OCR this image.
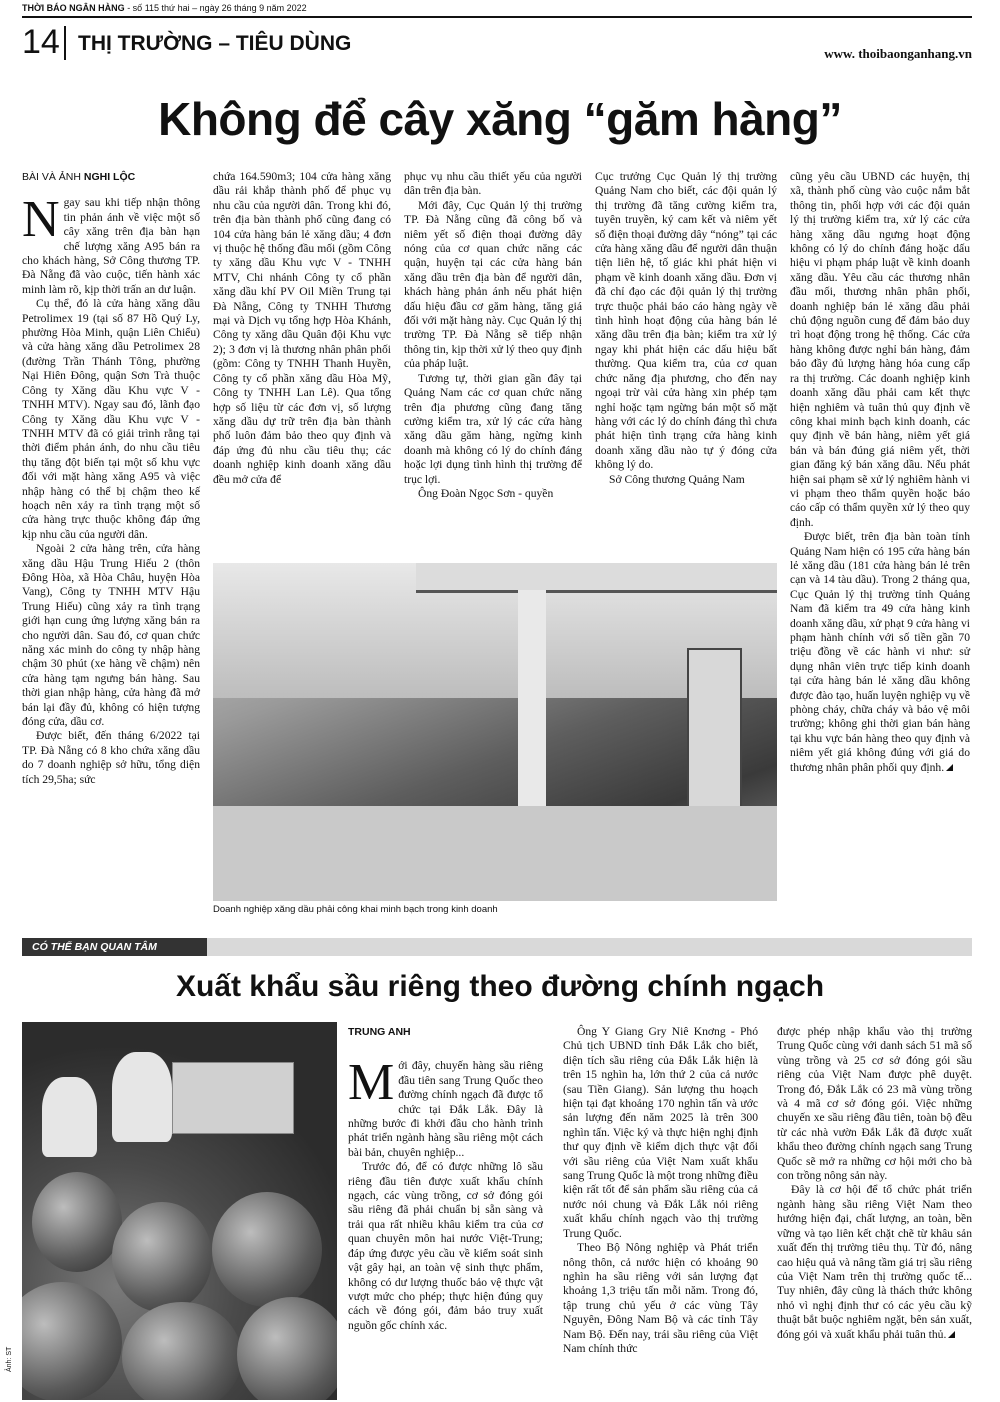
THỜI BÁO NGÂN HÀNG - số 115 thứ hai – ngày 26 tháng 9 năm 2022
14 THỊ TRƯỜNG – TIÊU DÙNG	www. thoibaonganhang.vn
Không để cây xăng “găm hàng”
BÀI VÀ ẢNH NGHI LỘC

Ngay sau khi tiếp nhận thông tin phản ánh về việc một số cây xăng trên địa bàn hạn chế lượng xăng A95 bán ra cho khách hàng, Sở Công thương TP. Đà Nẵng đã vào cuộc, tiến hành xác minh làm rõ, kịp thời trấn an dư luận.

Cụ thể, đó là cửa hàng xăng dầu Petrolimex 19 (tại số 87 Hồ Quý Ly, phường Hòa Minh, quận Liên Chiểu) và cửa hàng xăng dầu Petrolimex 28 (đường Trần Thánh Tông, phường Nại Hiên Đông, quận Sơn Trà thuộc Công ty Xăng dầu Khu vực V - TNHH MTV). Ngay sau đó, lãnh đạo Công ty Xăng dầu Khu vực V - TNHH MTV đã có giải trình rằng tại thời điểm phản ánh, do nhu cầu tiêu thụ tăng đột biến tại một số khu vực đối với mặt hàng xăng A95 và việc nhập hàng có thể bị chậm theo kế hoạch nên xảy ra tình trạng một số cửa hàng trực thuộc không đáp ứng kịp nhu cầu của người dân.

Ngoài 2 cửa hàng trên, cửa hàng xăng dầu Hậu Trung Hiếu 2 (thôn Đông Hòa, xã Hòa Châu, huyện Hòa Vang), Công ty TNHH MTV Hậu Trung Hiếu) cũng xảy ra tình trạng giới hạn cung ứng lượng xăng bán ra cho người dân. Sau đó, cơ quan chức năng xác minh do công ty nhập hàng chậm 30 phút (xe hàng về chậm) nên cửa hàng tạm ngưng bán hàng. Sau thời gian nhập hàng, cửa hàng đã mở bán lại đầy đủ, không có hiện tượng đóng cửa, dầu cơ.

Được biết, đến tháng 6/2022 tại TP. Đà Nẵng có 8 kho chứa xăng dầu do 7 doanh nghiệp sở hữu, tổng diện tích 29,5ha; sức

chứa 164.590m3; 104 cửa hàng xăng dầu rải khắp thành phố để phục vụ nhu cầu của người dân. Trong khi đó, trên địa bàn thành phố cũng đang có 104 cửa hàng bán lẻ xăng dầu; 4 đơn vị thuộc hệ thống đầu mối (gồm Công ty xăng dầu Khu vực V - TNHH MTV, Chi nhánh Công ty cổ phần xăng dầu khí PV Oil Miền Trung tại Đà Nẵng, Công ty TNHH Thương mại và Dịch vụ tổng hợp Hòa Khánh, Công ty xăng dầu Quân đội Khu vực 2); 3 đơn vị là thương nhân phân phối (gồm: Công ty TNHH Thanh Huyền, Công ty cổ phần xăng dầu Hòa Mỹ, Công ty TNHH Lan Lê). Qua tổng hợp số liệu từ các đơn vị, số lượng xăng dầu dự trữ trên địa bàn thành phố luôn đảm bảo theo quy định và đáp ứng đủ nhu cầu tiêu thụ; các doanh nghiệp kinh doanh xăng dầu đều mở cửa để

phục vụ nhu cầu thiết yếu của người dân trên địa bàn.

Mới đây, Cục Quản lý thị trường TP. Đà Nẵng cũng đã công bố và niêm yết số điện thoại đường dây nóng của cơ quan chức năng các quận, huyện tại các cửa hàng bán xăng dầu trên địa bàn để người dân, khách hàng phản ánh nếu phát hiện dấu hiệu đầu cơ găm hàng, tăng giá đối với mặt hàng này. Cục Quản lý thị trường TP. Đà Nẵng sẽ tiếp nhận thông tin, kịp thời xử lý theo quy định của pháp luật.

Tương tự, thời gian gần đây tại Quảng Nam các cơ quan chức năng trên địa phương cũng đang tăng cường kiểm tra, xử lý các cửa hàng xăng dầu găm hàng, ngừng kinh doanh mà không có lý do chính đáng hoặc lợi dụng tình hình thị trường để trục lợi.

Ông Đoàn Ngọc Sơn - quyền

Cục trưởng Cục Quản lý thị trường Quảng Nam cho biết, các đội quản lý thị trường đã tăng cường kiểm tra, tuyên truyền, ký cam kết và niêm yết số điện thoại đường dây “nóng” tại các cửa hàng xăng dầu để người dân thuận tiện liên hệ, tố giác khi phát hiện vi phạm về kinh doanh xăng dầu. Đơn vị đã chỉ đạo các đội quản lý thị trường trực thuộc phải báo cáo hàng ngày về tình hình hoạt động của hàng bán lẻ xăng dầu trên địa bàn; kiểm tra xử lý ngay khi phát hiện các dấu hiệu bất thường. Qua kiểm tra, của cơ quan chức năng địa phương, cho đến nay ngoại trừ vài cửa hàng xin phép tạm nghỉ hoặc tạm ngừng bán một số mặt hàng với các lý do chính đáng thì chưa phát hiện tình trạng cửa hàng kinh doanh xăng dầu nào tự ý đóng cửa không lý do.

Sở Công thương Quảng Nam

cũng yêu cầu UBND các huyện, thị xã, thành phố cùng vào cuộc nắm bắt thông tin, phối hợp với các đội quản lý thị trường kiểm tra, xử lý các cửa hàng xăng dầu ngưng hoạt động không có lý do chính đáng hoặc dấu hiệu vi phạm pháp luật về kinh doanh xăng dầu. Yêu cầu các thương nhân đầu mối, thương nhân phân phối, doanh nghiệp bán lẻ xăng dầu phải chủ động nguồn cung để đảm bảo duy trì hoạt động trong hệ thống. Các cửa hàng không được nghỉ bán hàng, đảm bảo đầy đủ lượng hàng hóa cung cấp ra thị trường. Các doanh nghiệp kinh doanh xăng dầu phải cam kết thực hiện nghiêm và tuân thủ quy định về công khai minh bạch kinh doanh, các quy định về bán hàng, niêm yết giá bán và bán đúng giá niêm yết, thời gian đăng ký bán xăng dầu. Nếu phát hiện sai phạm sẽ xử lý nghiêm hành vi vi phạm theo thẩm quyền hoặc báo cáo cấp có thẩm quyền xử lý theo quy định.

Được biết, trên địa bàn toàn tỉnh Quảng Nam hiện có 195 cửa hàng bán lẻ xăng dầu (181 cửa hàng bán lẻ trên cạn và 14 tàu dầu). Trong 2 tháng qua, Cục Quản lý thị trường tỉnh Quảng Nam đã kiểm tra 49 cửa hàng kinh doanh xăng dầu, xử phạt 9 cửa hàng vi phạm hành chính với số tiền gần 70 triệu đồng về các hành vi như: sử dụng nhân viên trực tiếp kinh doanh tại cửa hàng bán lẻ xăng dầu không được đào tạo, huấn luyện nghiệp vụ về phòng cháy, chữa cháy và bảo vệ môi trường; không ghi thời gian bán hàng tại khu vực bán hàng theo quy định và niêm yết giá không đúng với giá do thương nhân phân phối quy định.

Doanh nghiệp xăng dầu phải công khai minh bạch trong kinh doanh
CÓ THỂ BẠN QUAN TÂM
Xuất khẩu sầu riêng theo đường chính ngạch
Ảnh: ST
TRUNG ANH

Mới đây, chuyến hàng sầu riêng đầu tiên sang Trung Quốc theo đường chính ngạch đã được tổ chức tại Đắk Lắk. Đây là những bước đi khởi đầu cho hành trình phát triển ngành hàng sầu riêng một cách bài bản, chuyên nghiệp...

Trước đó, để có được những lô sầu riêng đầu tiên được xuất khẩu chính ngạch, các vùng trồng, cơ sở đóng gói sầu riêng đã phải chuẩn bị sẵn sàng và trải qua rất nhiều khâu kiểm tra của cơ quan chuyên môn hai nước Việt-Trung; đáp ứng được yêu cầu về kiểm soát sinh vật gây hại, an toàn vệ sinh thực phẩm, không có dư lượng thuốc bảo vệ thực vật vượt mức cho phép; thực hiện đúng quy cách về đóng gói, đảm bảo truy xuất nguồn gốc chính xác.

Ông Y Giang Gry Niê Knơng - Phó Chủ tịch UBND tỉnh Đắk Lắk cho biết, diện tích sầu riêng của Đắk Lắk hiện là trên 15 nghìn ha, lớn thứ 2 của cả nước (sau Tiền Giang). Sản lượng thu hoạch hiện tại đạt khoảng 170 nghìn tấn và ước sản lượng đến năm 2025 là trên 300 nghìn tấn. Việc ký và thực hiện nghị định thư quy định về kiểm dịch thực vật đối với sầu riêng của Việt Nam xuất khẩu sang Trung Quốc là một trong những điều kiện rất tốt để sản phẩm sầu riêng của cả nước nói chung và Đắk Lắk nói riêng xuất khẩu chính ngạch vào thị trường Trung Quốc.

Theo Bộ Nông nghiệp và Phát triển nông thôn, cả nước hiện có khoảng 90 nghìn ha sầu riêng với sản lượng đạt khoảng 1,3 triệu tấn mỗi năm. Trong đó, tập trung chủ yếu ở các vùng Tây Nguyên, Đông Nam Bộ và các tỉnh Tây Nam Bộ. Đến nay, trái sầu riêng của Việt Nam chính thức

được phép nhập khẩu vào thị trường Trung Quốc cùng với danh sách 51 mã số vùng trồng và 25 cơ sở đóng gói sầu riêng của Việt Nam được phê duyệt. Trong đó, Đắk Lắk có 23 mã vùng trồng và 4 mã cơ sở đóng gói. Việc những chuyến xe sầu riêng đầu tiên, toàn bộ đều từ các nhà vườn Đắk Lắk đã được xuất khẩu theo đường chính ngạch sang Trung Quốc sẽ mở ra những cơ hội mới cho bà con trồng nông sản này.

Đây là cơ hội để tổ chức phát triển ngành hàng sầu riêng Việt Nam theo hướng hiện đại, chất lượng, an toàn, bền vững và tạo liên kết chặt chẽ từ khâu sản xuất đến thị trường tiêu thụ. Từ đó, nâng cao hiệu quả và nâng tầm giá trị sầu riêng của Việt Nam trên thị trường quốc tế... Tuy nhiên, đây cũng là thách thức không nhỏ vì nghị định thư có các yêu cầu kỹ thuật bắt buộc nghiêm ngặt, bên sản xuất, đóng gói và xuất khẩu phải tuân thủ.
